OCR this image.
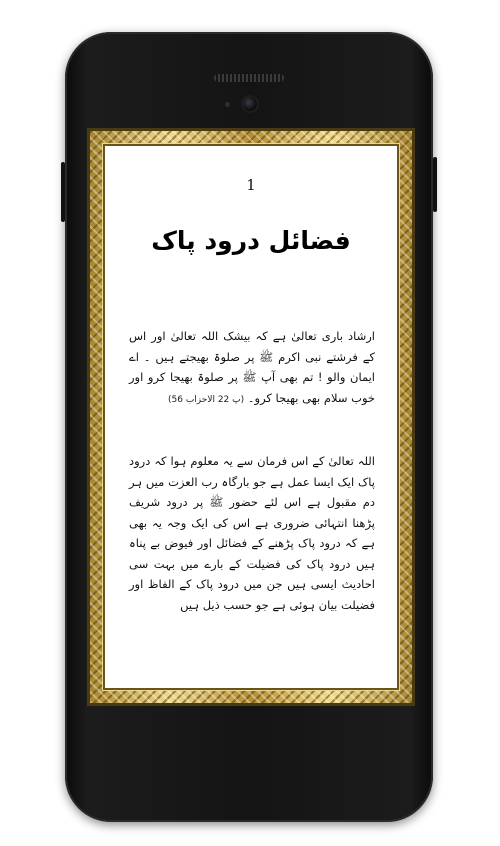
1
فضائل درود پاک
ارشاد باری تعالیٰ ہے کہ بیشک اللہ تعالیٰ اور اس کے فرشتے نبی اکرم ﷺ پر صلوۃ بھیجتے ہیں ۔ اے ایمان والو ! تم بھی آپ ﷺ پر صلوۃ بھیجا کرو اور خوب سلام بھی بھیجا کرو۔ (پ 22 الاحزاب 56)
اللہ تعالیٰ کے اس فرمان سے یہ معلوم ہوا کہ درود پاک ایک ایسا عمل ہے جو بارگاہ رب العزت میں ہر دم مقبول ہے اس لئے حضور ﷺ پر درود شریف پڑھنا انتہائی ضروری ہے اس کی ایک وجہ یہ بھی ہے کہ درود پاک پڑھنے کے فضائل اور فیوض بے پناہ ہیں درود پاک کی فضیلت کے بارے میں بہت سی احادیث ایسی ہیں جن میں درود پاک کے الفاظ اور فضیلت بیان ہوئی ہے جو حسب ذیل ہیں
